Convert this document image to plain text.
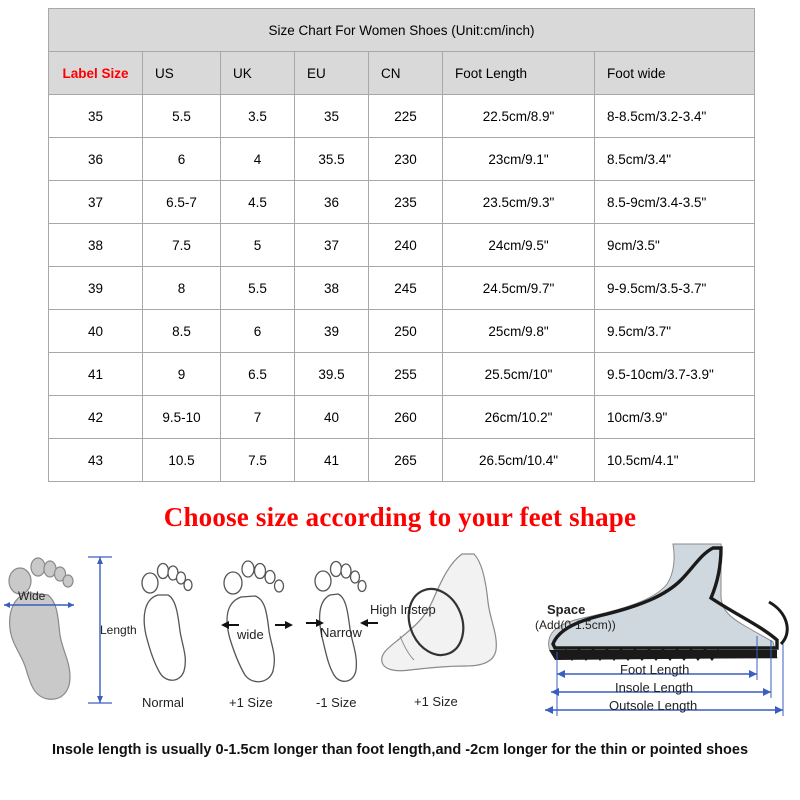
Size Chart For Women Shoes (Unit:cm/inch)						
Label Size	US	UK	EU	CN	Foot Length	Foot wide
35	5.5	3.5	35	225	22.5cm/8.9"	8-8.5cm/3.2-3.4"
36	6	4	35.5	230	23cm/9.1"	8.5cm/3.4"
37	6.5-7	4.5	36	235	23.5cm/9.3"	8.5-9cm/3.4-3.5"
38	7.5	5	37	240	24cm/9.5"	9cm/3.5"
39	8	5.5	38	245	24.5cm/9.7"	9-9.5cm/3.5-3.7"
40	8.5	6	39	250	25cm/9.8"	9.5cm/3.7"
41	9	6.5	39.5	255	25.5cm/10"	9.5-10cm/3.7-3.9"
42	9.5-10	7	40	260	26cm/10.2"	10cm/3.9"
43	10.5	7.5	41	265	26.5cm/10.4"	10.5cm/4.1"
Choose size according to your feet shape
Wide
Length
Normal
wide
+1 Size
Narrow
-1 Size
High Instep
+1 Size
Space
(Add(0-1.5cm))
Foot Length
Insole Length
Outsole Length
Insole length is usually 0-1.5cm longer than foot length,and -2cm longer for the thin or pointed shoes
